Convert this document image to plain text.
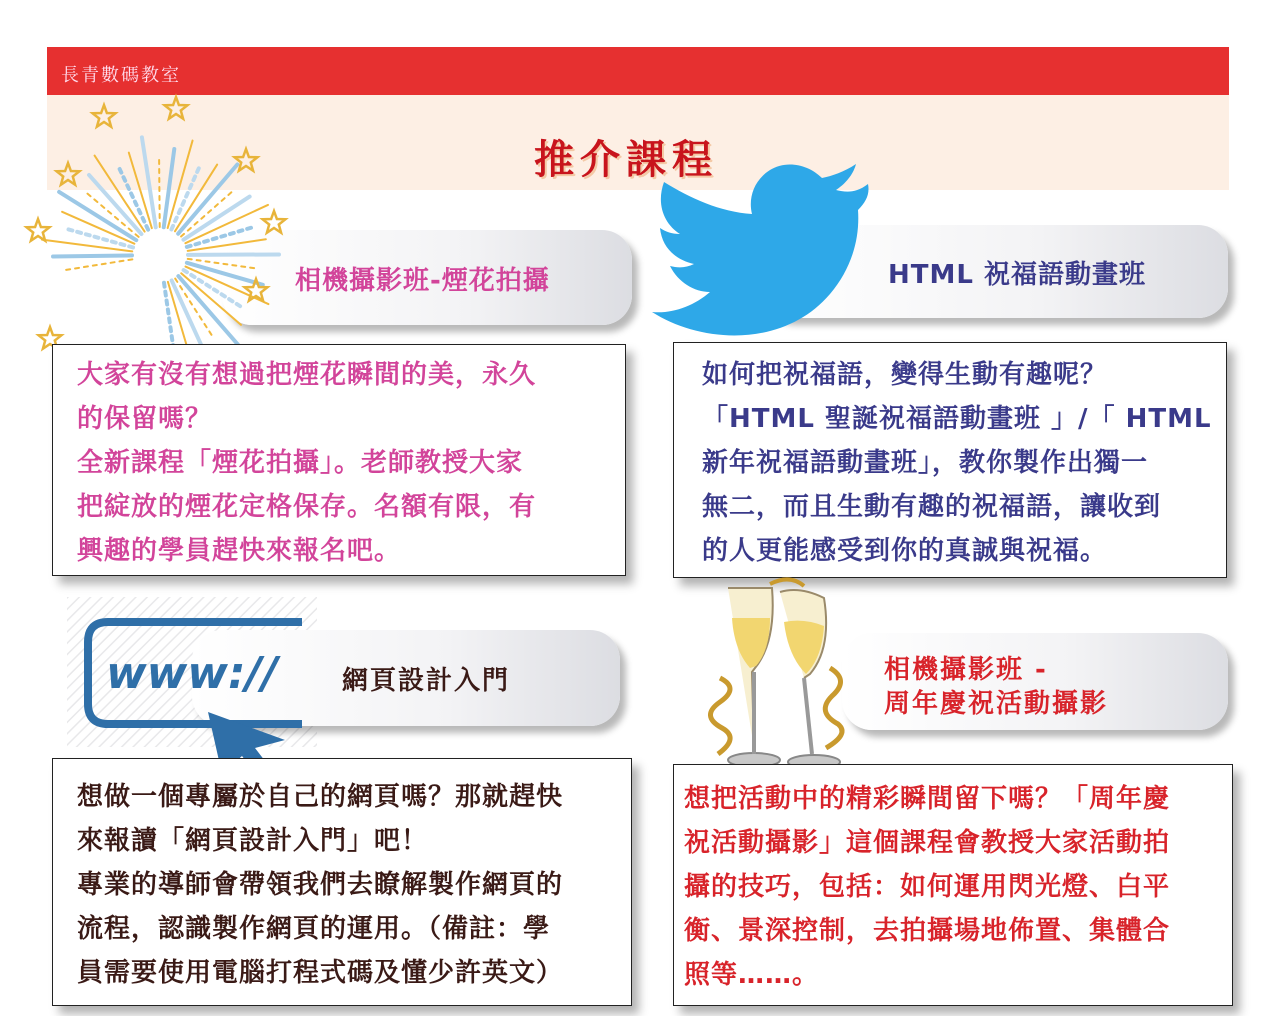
長青數碼教室
推介課程
相機攝影班-煙花拍攝
大家有沒有想過把煙花瞬間的美，永久
的保留嗎？
全新課程「煙花拍攝」。老師教授大家
把綻放的煙花定格保存。名額有限，有
興趣的學員趕快來報名吧。
HTML 祝福語動畫班
如何把祝福語，變得生動有趣呢？
「HTML 聖誕祝福語動畫班 」/「 HTML
新年祝福語動畫班」，教你製作出獨一
無二，而且生動有趣的祝福語，讓收到
的人更能感受到你的真誠與祝福。
網頁設計入門
www://
想做一個專屬於自己的網頁嗎？那就趕快
來報讀「網頁設計入門」吧！
專業的導師會帶領我們去瞭解製作網頁的
流程，認識製作網頁的運用。（備註：學
員需要使用電腦打程式碼及懂少許英文）
相機攝影班 -
周年慶祝活動攝影
想把活動中的精彩瞬間留下嗎？「周年慶
祝活動攝影」這個課程會教授大家活動拍
攝的技巧，包括：如何運用閃光燈、白平
衡、景深控制，去拍攝場地佈置、集體合
照等……。
